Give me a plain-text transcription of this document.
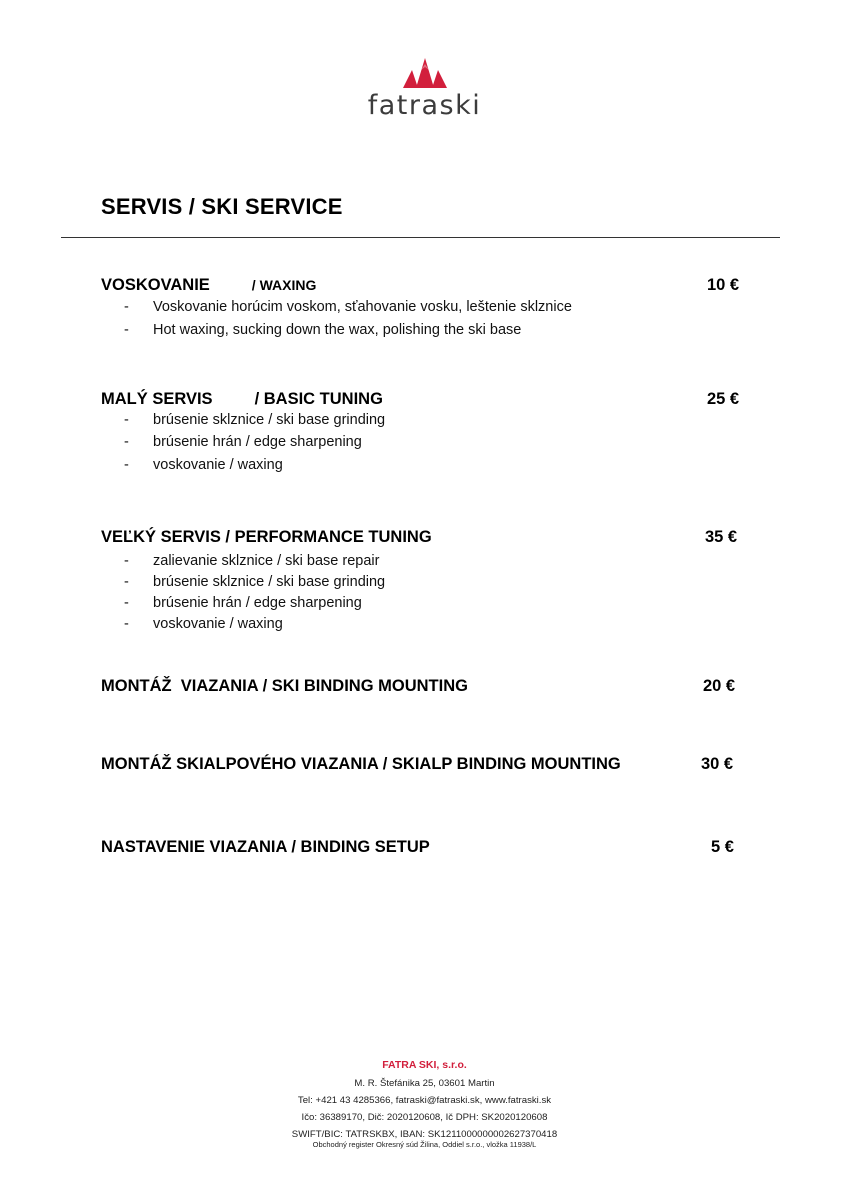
fatraski
SERVIS / SKI SERVICE
VOSKOVANIE	/ WAXING	10 €
- Voskovanie horúcim voskom, sťahovanie vosku, leštenie sklznice
- Hot waxing, sucking down the wax, polishing the ski base
MALÝ SERVIS	/ BASIC TUNING	25 €
- brúsenie sklznice / ski base grinding
- brúsenie hrán / edge sharpening
- voskovanie / waxing
VEĽKÝ SERVIS / PERFORMANCE TUNING	35 €
- zalievanie sklznice / ski base repair
- brúsenie sklznice / ski base grinding
- brúsenie hrán / edge sharpening
- voskovanie / waxing
MONTÁŽ  VIAZANIA / SKI BINDING MOUNTING	20 €
MONTÁŽ SKIALPOVÉHO VIAZANIA / SKIALP BINDING MOUNTING	30 €
NASTAVENIE VIAZANIA / BINDING SETUP	5 €
FATRA SKI, s.r.o.
M. R. Štefánika 25, 03601 Martin
Tel: +421 43 4285366, fatraski@fatraski.sk, www.fatraski.sk
Ičo: 36389170, Dič: 2020120608, Ič DPH: SK2020120608
SWIFT/BIC: TATRSKBX, IBAN: SK1211000000002627370418
Obchodný register Okresný súd Žilina, Oddiel s.r.o., vložka 11938/L
